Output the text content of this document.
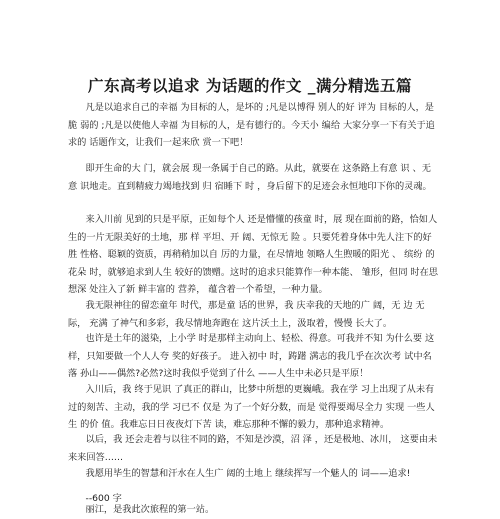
广东高考以追求 为话题的作文 _满分精选五篇

凡是以追求自己的幸福 为目标的人，是坏的 ;凡是以博得 别人的好 评为 目标的人，是脆 弱的 ;凡是以使他人幸福 为目标的人，是有德行的。今天小 编给 大家分享一下有关于追求的 话题作文，让我们一起来欣 赏一下吧！

即开生命的大 门，就会展 现一条属于自己的路。从此，就要在 这条路上有意 识 、无意 识地走。直到精疲力竭地找到 归 宿睡下 时 ，身后留下的足迹会永恒地印下你的灵魂。

来入川前 见到的只是平原，正如每个人 还是懵懂的孩童 时，展 现在面前的路，恰如人 生的一片无限美好的土地，那 样 平坦、开 阔、无惊无 险 。只要凭着身体中先人注下的好 胜 性格、聪颖的资质，再稍稍加以自 厉的力量，在尽情地 领略人生煦暖的阳光 、 缤纷 的花朵 时，就够追求到人生 较好的馈赠。这时的追求只能算作一种本能、 雏形，但同 时在思想深 处注入了新 鲜丰富的 营养， 蕴含着一个希望，一种力量。

我无限神往的留恋童年 时代，那是童 话的世界，我 庆幸我的天地的广 阔，无 边 无际， 充满 了神气和多彩，我尽情地奔跑在 这片沃土上，汲取着，慢慢 长大了。

也许是土年的滋染，上小学 时是那样主动向上、轻松、得意。可我并不知 为什么要 这 样，只知要做一个人人夸 奖的好孩子。 进入初中 时，踌躇 满志的我几乎在次次考 试中名落 孙山——偶然?必然?这时我似乎觉到了什么 ——人生中未必只是平原！

入川后，我 终于见识 了真正的群山，比梦中所想的更巍峨。我在学 习上出现了从未有 过的刻苦、主动，我的学 习已不 仅是 为了一个好分数，而是 觉得要竭尽全力 实现 一些人生 的价 值。我难忘日日夜夜灯下苦 读，难忘那种不懈的毅力，那种追求精神。

以后，我 还会走着与以往不同的路，不知是沙漠，沼 泽 ，还是极地、冰川， 这要由未来来回答……

我愿用毕生的智慧和汗水在人生广 阔的土地上 继续挥写一个魅人的 词——追求!

--600 字

丽江，是我此次旅程的第一站。
